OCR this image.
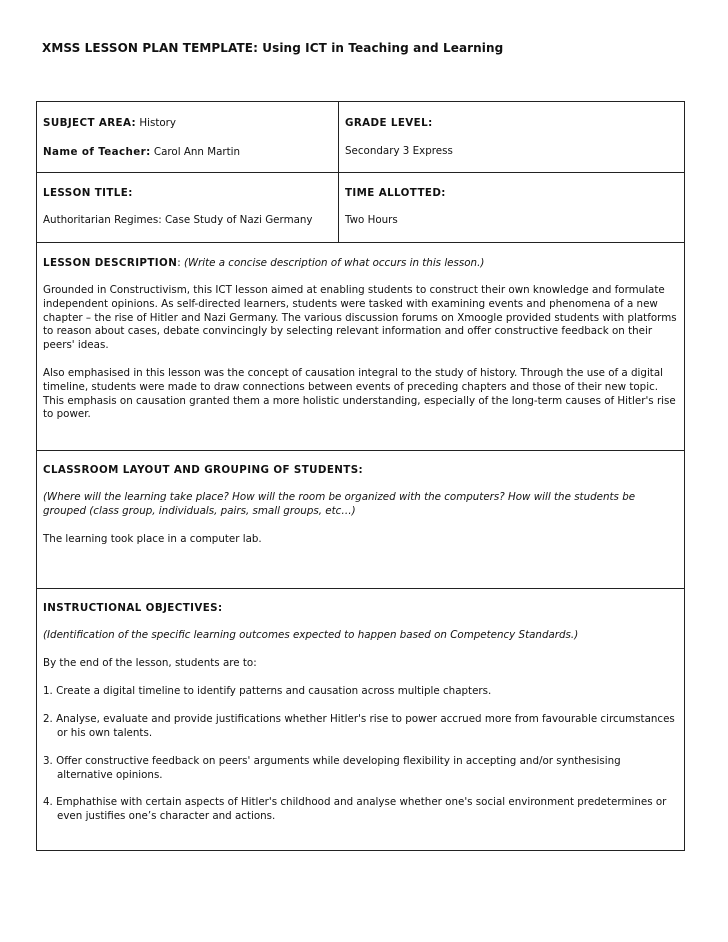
XMSS LESSON PLAN TEMPLATE: Using ICT in Teaching and Learning
SUBJECT AREA: History
Name of Teacher: Carol Ann Martin
GRADE LEVEL:
Secondary 3 Express
LESSON TITLE:
Authoritarian Regimes: Case Study of Nazi Germany
TIME ALLOTTED:
Two Hours
LESSON DESCRIPTION: (Write a concise description of what occurs in this lesson.)

Grounded in Constructivism, this ICT lesson aimed at enabling students to construct their own knowledge and formulate independent opinions. As self-directed learners, students were tasked with examining events and phenomena of a new chapter – the rise of Hitler and Nazi Germany. The various discussion forums on Xmoogle provided students with platforms to reason about cases, debate convincingly by selecting relevant information and offer constructive feedback on their peers' ideas.

Also emphasised in this lesson was the concept of causation integral to the study of history. Through the use of a digital timeline, students were made to draw connections between events of preceding chapters and those of their new topic. This emphasis on causation granted them a more holistic understanding, especially of the long-term causes of Hitler's rise to power.

CLASSROOM LAYOUT AND GROUPING OF STUDENTS:

(Where will the learning take place? How will the room be organized with the computers? How will the students be grouped (class group, individuals, pairs, small groups, etc…)

The learning took place in a computer lab.

INSTRUCTIONAL OBJECTIVES:

(Identification of the specific learning outcomes expected to happen based on Competency Standards.)

By the end of the lesson, students are to:

1. Create a digital timeline to identify patterns and causation across multiple chapters.

2. Analyse, evaluate and provide justifications whether Hitler's rise to power accrued more from favourable circumstances or his own talents.

3. Offer constructive feedback on peers' arguments while developing flexibility in accepting and/or synthesising alternative opinions.

4. Emphathise with certain aspects of Hitler's childhood and analyse whether one's social environment predetermines or even justifies one’s character and actions.
